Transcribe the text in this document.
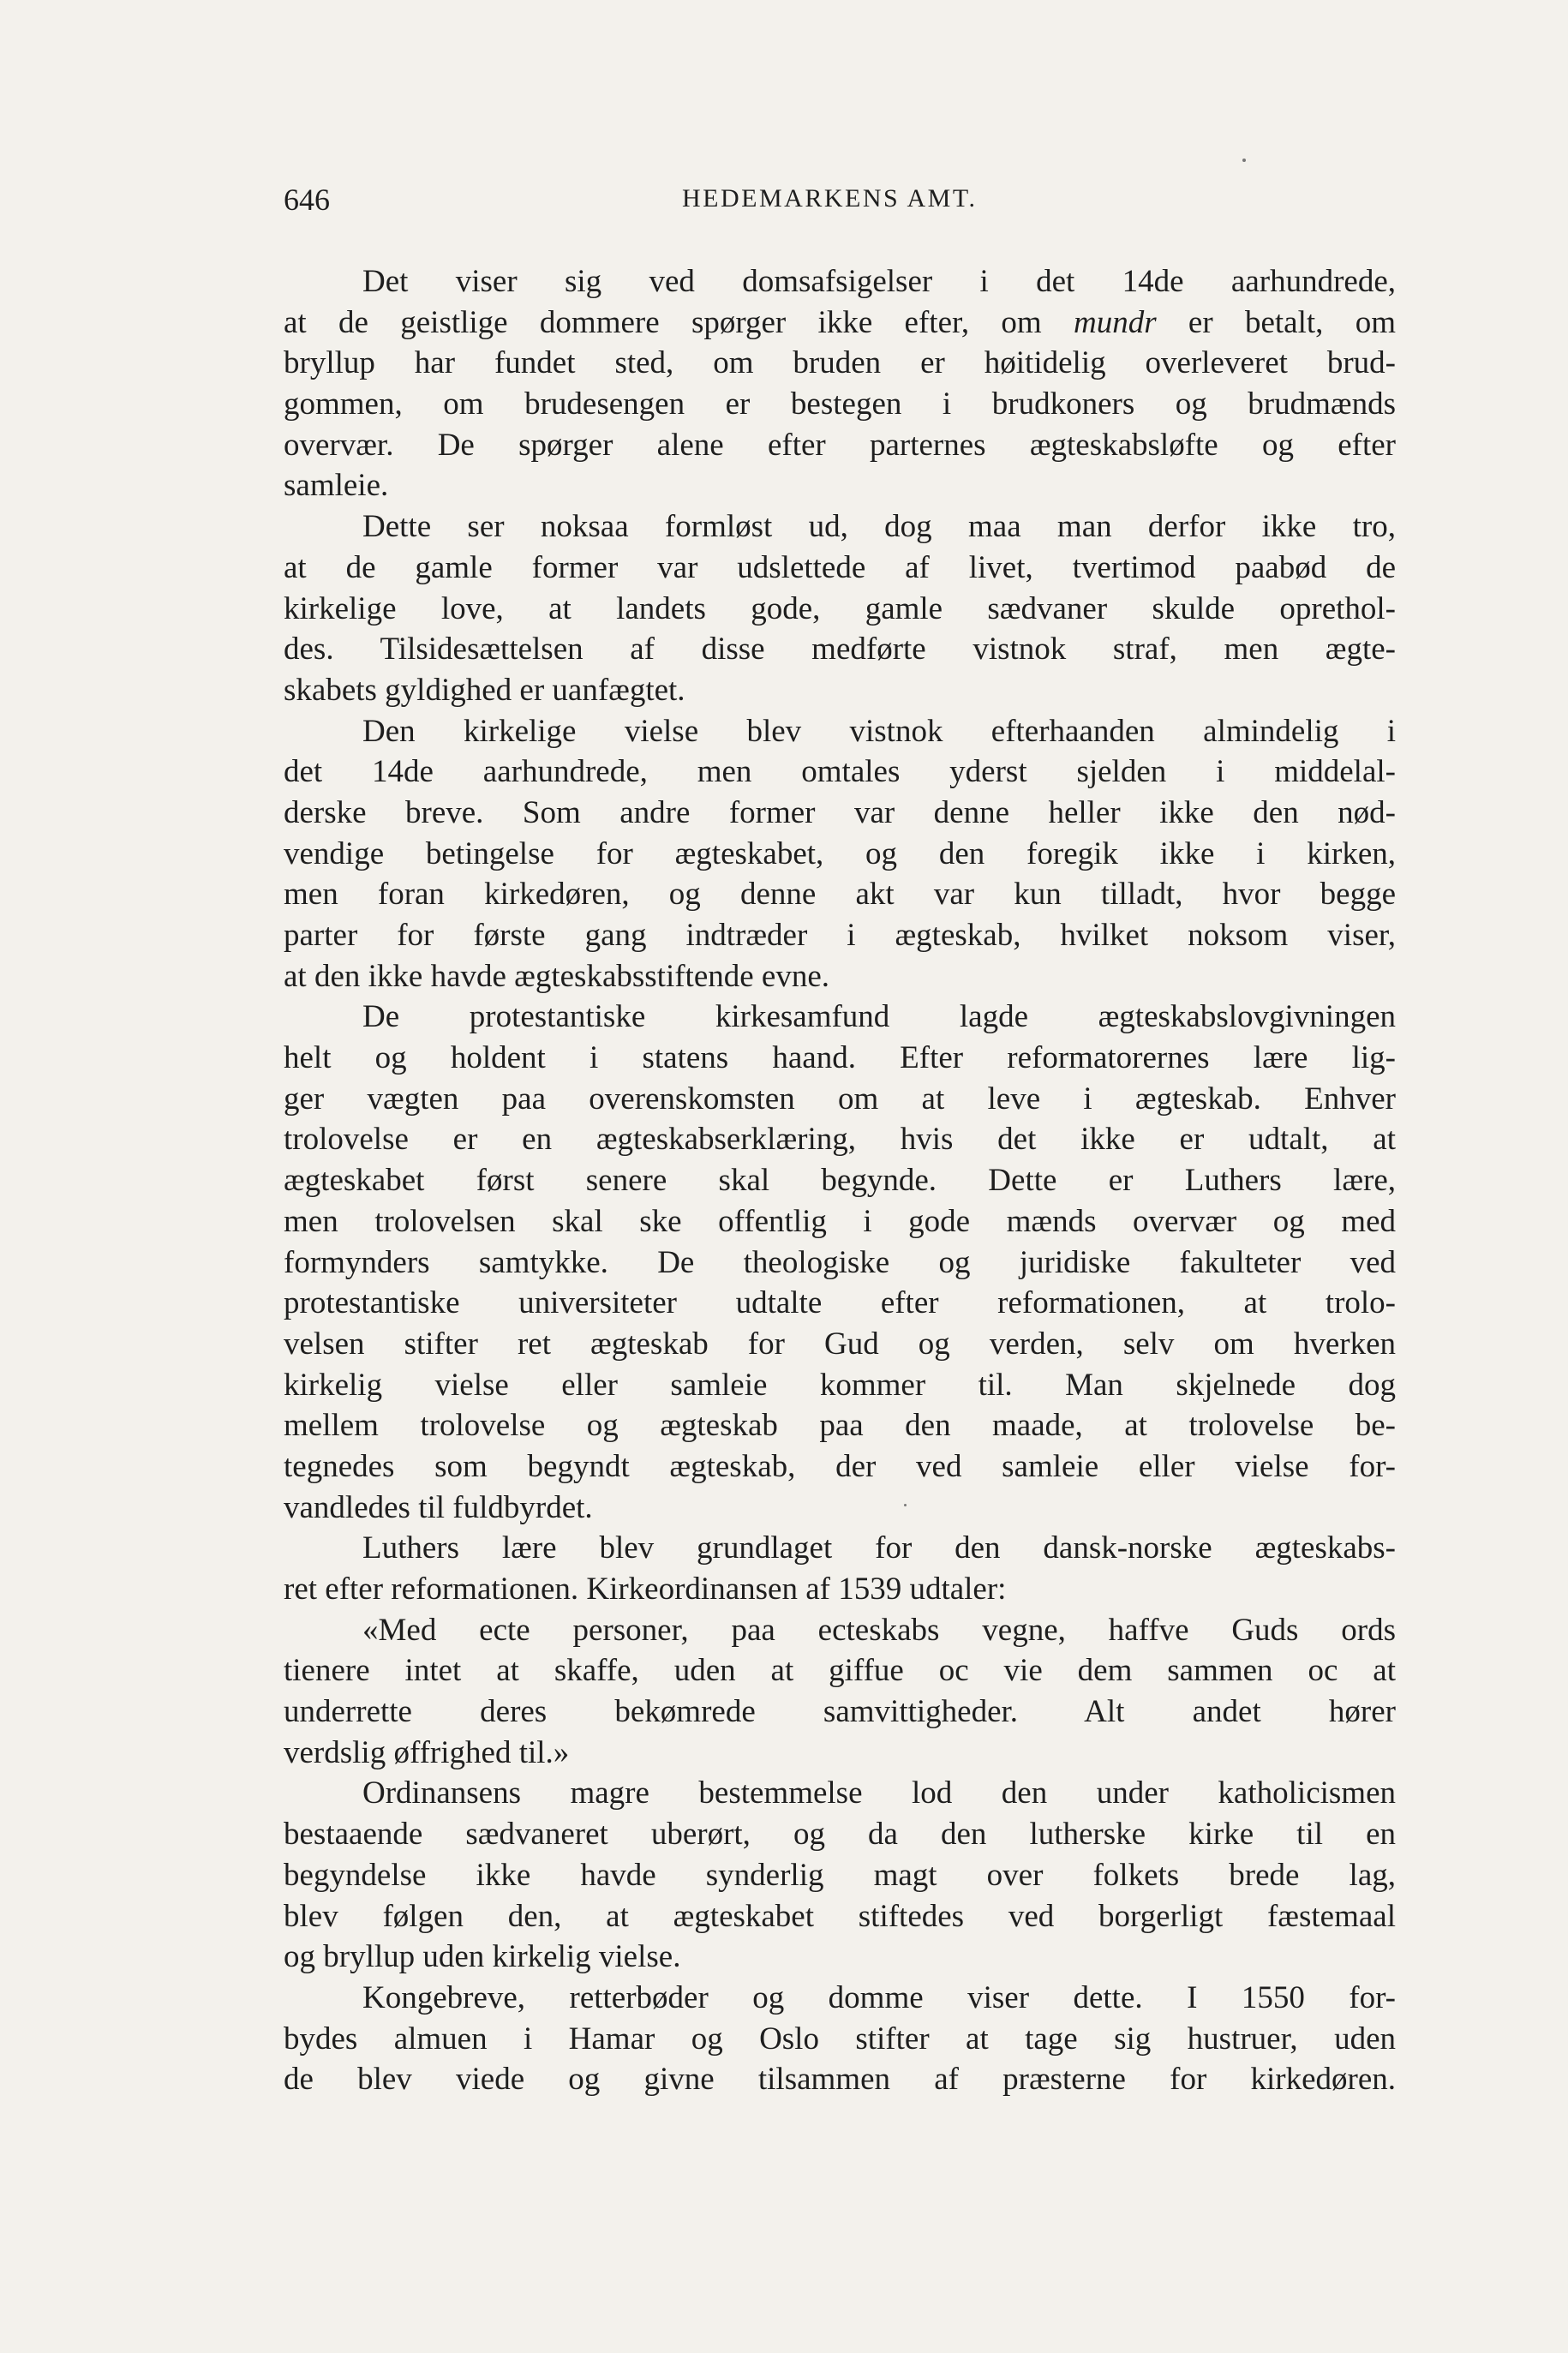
646	HEDEMARKENS AMT.
Det viser sig ved domsafsigelser i det 14de aarhundrede,
at de geistlige dommere spørger ikke efter, om mundr er betalt, om
bryllup har fundet sted, om bruden er høitidelig overleveret brud-
gommen, om brudesengen er bestegen i brudkoners og brudmænds
overvær. De spørger alene efter parternes ægteskabsløfte og efter
samleie.
Dette ser noksaa formløst ud, dog maa man derfor ikke tro,
at de gamle former var udslettede af livet, tvertimod paabød de
kirkelige love, at landets gode, gamle sædvaner skulde oprethol-
des. Tilsidesættelsen af disse medførte vistnok straf, men ægte-
skabets gyldighed er uanfægtet.
Den kirkelige vielse blev vistnok efterhaanden almindelig i
det 14de aarhundrede, men omtales yderst sjelden i middelal-
derske breve. Som andre former var denne heller ikke den nød-
vendige betingelse for ægteskabet, og den foregik ikke i kirken,
men foran kirkedøren, og denne akt var kun tilladt, hvor begge
parter for første gang indtræder i ægteskab, hvilket noksom viser,
at den ikke havde ægteskabsstiftende evne.
De protestantiske kirkesamfund lagde ægteskabslovgivningen
helt og holdent i statens haand. Efter reformatorernes lære lig-
ger vægten paa overenskomsten om at leve i ægteskab. Enhver
trolovelse er en ægteskabserklæring, hvis det ikke er udtalt, at
ægteskabet først senere skal begynde. Dette er Luthers lære,
men trolovelsen skal ske offentlig i gode mænds overvær og med
formynders samtykke. De theologiske og juridiske fakulteter ved
protestantiske universiteter udtalte efter reformationen, at trolo-
velsen stifter ret ægteskab for Gud og verden, selv om hverken
kirkelig vielse eller samleie kommer til. Man skjelnede dog
mellem trolovelse og ægteskab paa den maade, at trolovelse be-
tegnedes som begyndt ægteskab, der ved samleie eller vielse for-
vandledes til fuldbyrdet.
Luthers lære blev grundlaget for den dansk-norske ægteskabs-
ret efter reformationen. Kirkeordinansen af 1539 udtaler:
«Med ecte personer, paa ecteskabs vegne, haffve Guds ords
tienere intet at skaffe, uden at giffue oc vie dem sammen oc at
underrette deres bekømrede samvittigheder. Alt andet hører
verdslig øffrighed til.»
Ordinansens magre bestemmelse lod den under katholicismen
bestaaende sædvaneret uberørt, og da den lutherske kirke til en
begyndelse ikke havde synderlig magt over folkets brede lag,
blev følgen den, at ægteskabet stiftedes ved borgerligt fæstemaal
og bryllup uden kirkelig vielse.
Kongebreve, retterbøder og domme viser dette. I 1550 for-
bydes almuen i Hamar og Oslo stifter at tage sig hustruer, uden
de blev viede og givne tilsammen af præsterne for kirkedøren.
